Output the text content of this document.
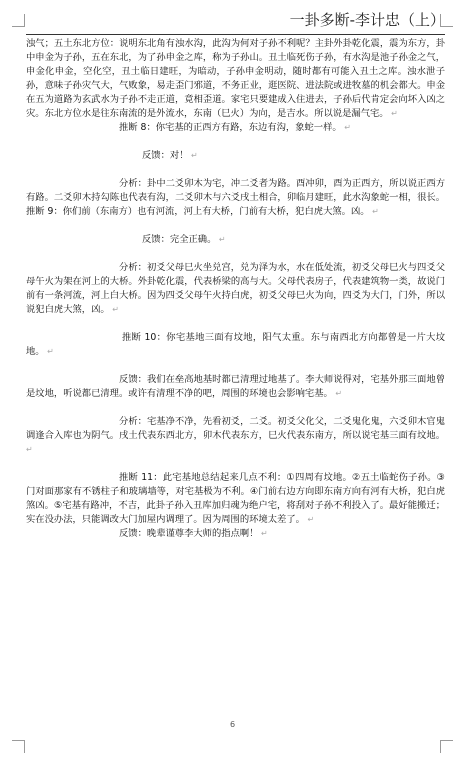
一卦多断-李计忠（上）

浊气；五土东北方位：说明东北角有浊水沟，此沟为何对子孙不利呢？主卦外卦乾化震，震为东方，卦中申金为子孙，五在东北，为了孙申金之库，称为子孙山。丑土临死伤子孙，有水沟是池子孙金之气，申金化申金，空化空，丑土临日建旺，为暗动，子孙申金明动，随时都有可能入丑土之库。浊水泄子孙，意味子孙灾气大，气败象，易走歪门邪道，不务正业，逛医院、进法院或进牧墓的机会都大。申金在五为道路为玄武水为子孙不走正道，竟相歪道。家宅只要建成入住进去，子孙后代肯定会向坏入凶之灾。东北方位水是往东南流的是外流水，东南（巳火）为向，是吉水。所以说是漏气宅。 ↵

推断 8：你宅基的正西方有路，东边有沟，象蛇一样。 ↵

反馈：对！ ↵

分析：卦中二爻卯木为宅，冲二爻者为路。酉冲卯，酉为正西方，所以说正西方有路。二爻卯木持勾陈也代表有沟，二爻卯木与六爻戌土相合，卯临月建旺，此水沟象蛇一相，很长。推断 9：你们前（东南方）也有河流，河上有大桥，门前有大桥，犯白虎大煞。凶。 ↵

反馈：完全正确。 ↵

分析：初爻父母巳火坐兑宫，兑为泽为水，水在低处流，初爻父母巳火与四爻父母午火为架在河上的大桥。外卦乾化震，代表桥梁的高与大。父母代表房子，代表建筑物一类，故说门前有一条河流，河上白大桥。因为四爻父母午火持白虎，初爻父母巳火为向，四爻为大门，门外，所以说犯白虎大煞，凶。 ↵

推断 10：你宅基地三面有坟地，阳气太重。东与南西北方向都曾是一片大坟地。 ↵

反馈：我们在垒高地基时都已清理过地基了。李大师说得对，宅基外那三面地曾是坟地，听说都已清理。或许有清理不净的吧，周围的环境也会影响宅基。 ↵

分析：宅基净不净，先看初爻，二爻。初爻父化父，二爻鬼化鬼，六爻卯木官鬼调逢合入库也为阴气。戌土代表东西北方，卯木代表东方，巳火代表东南方，所以说宅基三面有坟地。 ↵

推断 11：此宅基地总结起来几点不利：①四周有坟地。②五土临蛇伤子孙。③门对面那家有不锈柱子和玻璃墙等，对宅基极为不利。④门前右边方向即东南方向有河有大桥，犯白虎煞凶。⑤宅基有路冲，不吉，此卦子孙入丑库加归魂为绝户宅，将刮对子孙不利投入了。最好能搬迁；实在没办法，只能调改大门加屋内调理了。因为周围的环境太差了。 ↵

反馈：晚辈谨尊李大师的指点啊！ ↵

6
